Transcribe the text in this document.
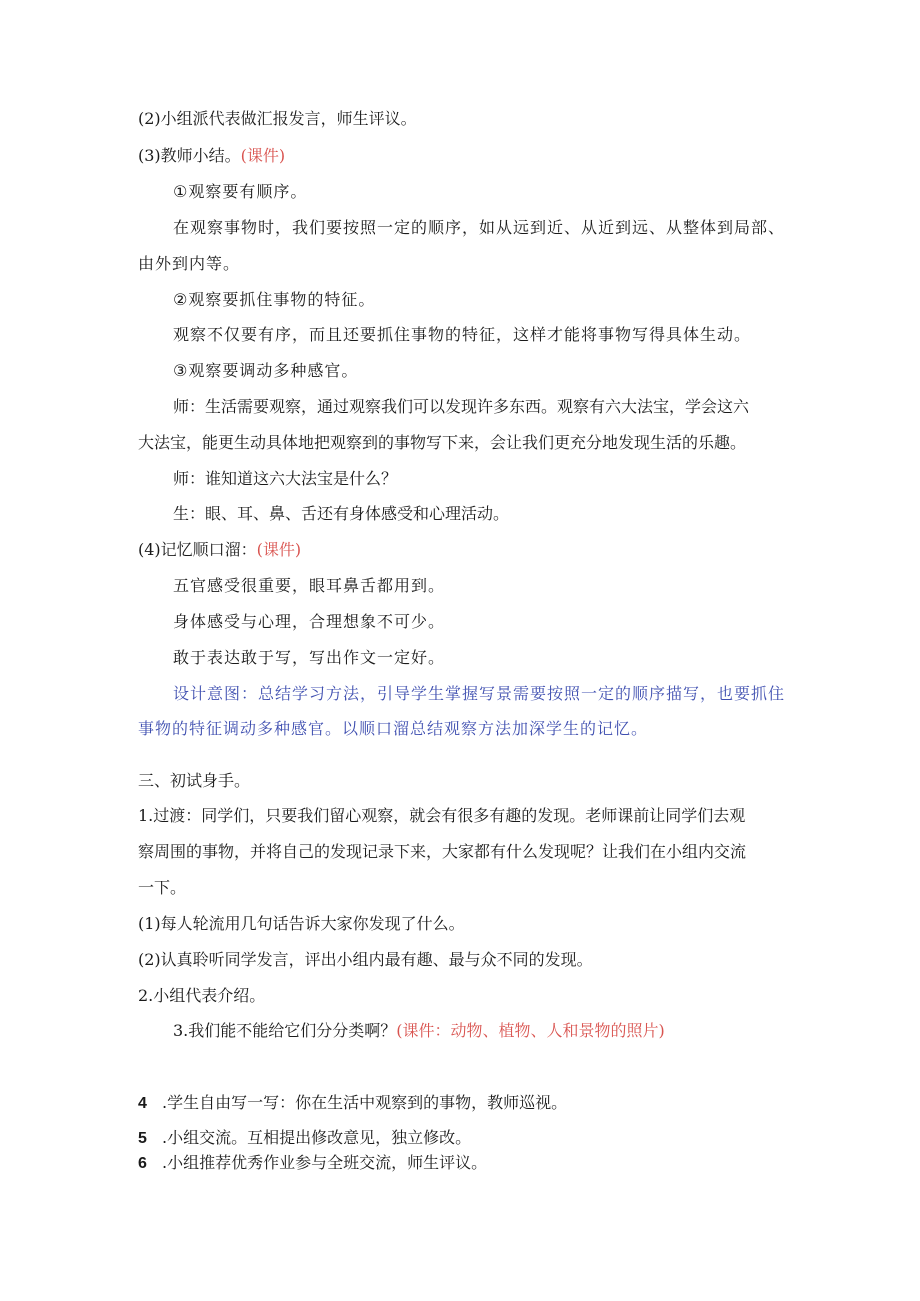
(2)小组派代表做汇报发言，师生评议。
(3)教师小结。(课件)
①观察要有顺序。
在观察事物时，我们要按照一定的顺序，如从远到近、从近到远、从整体到局部、
由外到内等。
②观察要抓住事物的特征。
观察不仅要有序，而且还要抓住事物的特征，这样才能将事物写得具体生动。
③观察要调动多种感官。
师：生活需要观察，通过观察我们可以发现许多东西。观察有六大法宝，学会这六
大法宝，能更生动具体地把观察到的事物写下来，会让我们更充分地发现生活的乐趣。
师：谁知道这六大法宝是什么？
生：眼、耳、鼻、舌还有身体感受和心理活动。
(4)记忆顺口溜：(课件)
五官感受很重要，眼耳鼻舌都用到。
身体感受与心理，合理想象不可少。
敢于表达敢于写，写出作文一定好。
设计意图：总结学习方法，引导学生掌握写景需要按照一定的顺序描写，也要抓住
事物的特征调动多种感官。以顺口溜总结观察方法加深学生的记忆。
三、初试身手。
1.过渡：同学们，只要我们留心观察，就会有很多有趣的发现。老师课前让同学们去观
察周围的事物，并将自己的发现记录下来，大家都有什么发现呢？让我们在小组内交流
一下。
(1)每人轮流用几句话告诉大家你发现了什么。
(2)认真聆听同学发言，评出小组内最有趣、最与众不同的发现。
2.小组代表介绍。
3.我们能不能给它们分分类啊？(课件：动物、植物、人和景物的照片)
4 .学生自由写一写：你在生活中观察到的事物，教师巡视。
5 .小组交流。互相提出修改意见，独立修改。
6 .小组推荐优秀作业参与全班交流，师生评议。
